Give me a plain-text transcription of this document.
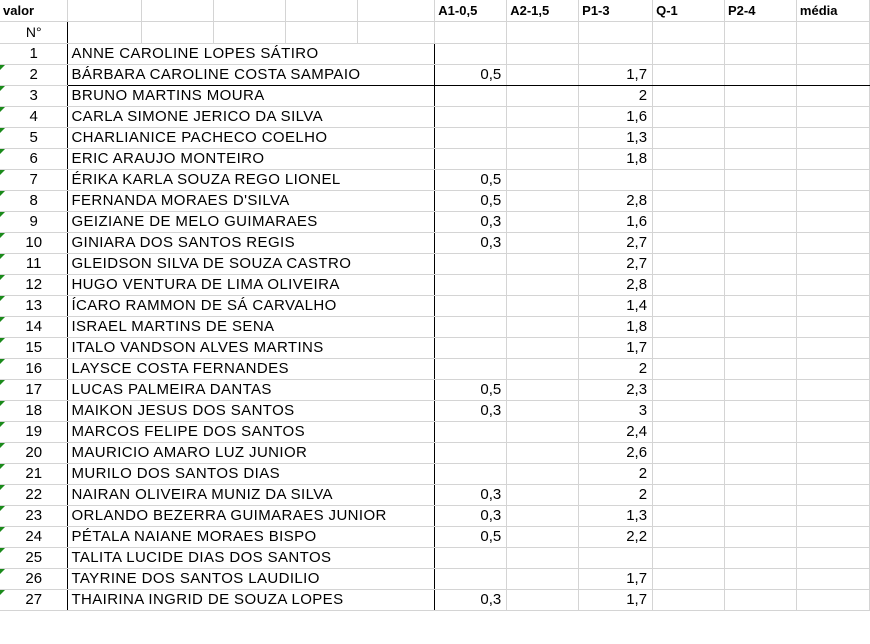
valor						A1-0,5	A2-1,5	P1-3	Q-1	P2-4	média
N°											
1	ANNE CAROLINE LOPES SÁTIRO										

2	BÁRBARA CAROLINE COSTA SAMPAIO					0,5		1,7			

3	BRUNO MARTINS MOURA							2			

4	CARLA SIMONE JERICO DA SILVA							1,6			

5	CHARLIANICE PACHECO COELHO							1,3			

6	ERIC ARAUJO MONTEIRO							1,8			

7	ÉRIKA KARLA SOUZA REGO LIONEL					0,5					

8	FERNANDA MORAES D'SILVA					0,5		2,8			

9	GEIZIANE DE MELO GUIMARAES					0,3		1,6			

10	GINIARA DOS SANTOS REGIS					0,3		2,7			

11	GLEIDSON SILVA DE SOUZA CASTRO							2,7			

12	HUGO VENTURA DE LIMA OLIVEIRA							2,8			

13	ÍCARO RAMMON DE SÁ CARVALHO							1,4			

14	ISRAEL MARTINS DE SENA							1,8			

15	ITALO VANDSON ALVES MARTINS							1,7			

16	LAYSCE COSTA FERNANDES							2			

17	LUCAS PALMEIRA DANTAS					0,5		2,3			

18	MAIKON JESUS DOS SANTOS					0,3		3			

19	MARCOS FELIPE DOS SANTOS							2,4			

20	MAURICIO AMARO LUZ JUNIOR							2,6			

21	MURILO DOS SANTOS DIAS							2			

22	NAIRAN OLIVEIRA MUNIZ DA SILVA					0,3		2			

23	ORLANDO BEZERRA GUIMARAES JUNIOR					0,3		1,3			

24	PÉTALA NAIANE MORAES BISPO					0,5		2,2			

25	TALITA LUCIDE DIAS DOS SANTOS										

26	TAYRINE DOS SANTOS LAUDILIO							1,7			

27	THAIRINA INGRID DE SOUZA LOPES					0,3		1,7			
